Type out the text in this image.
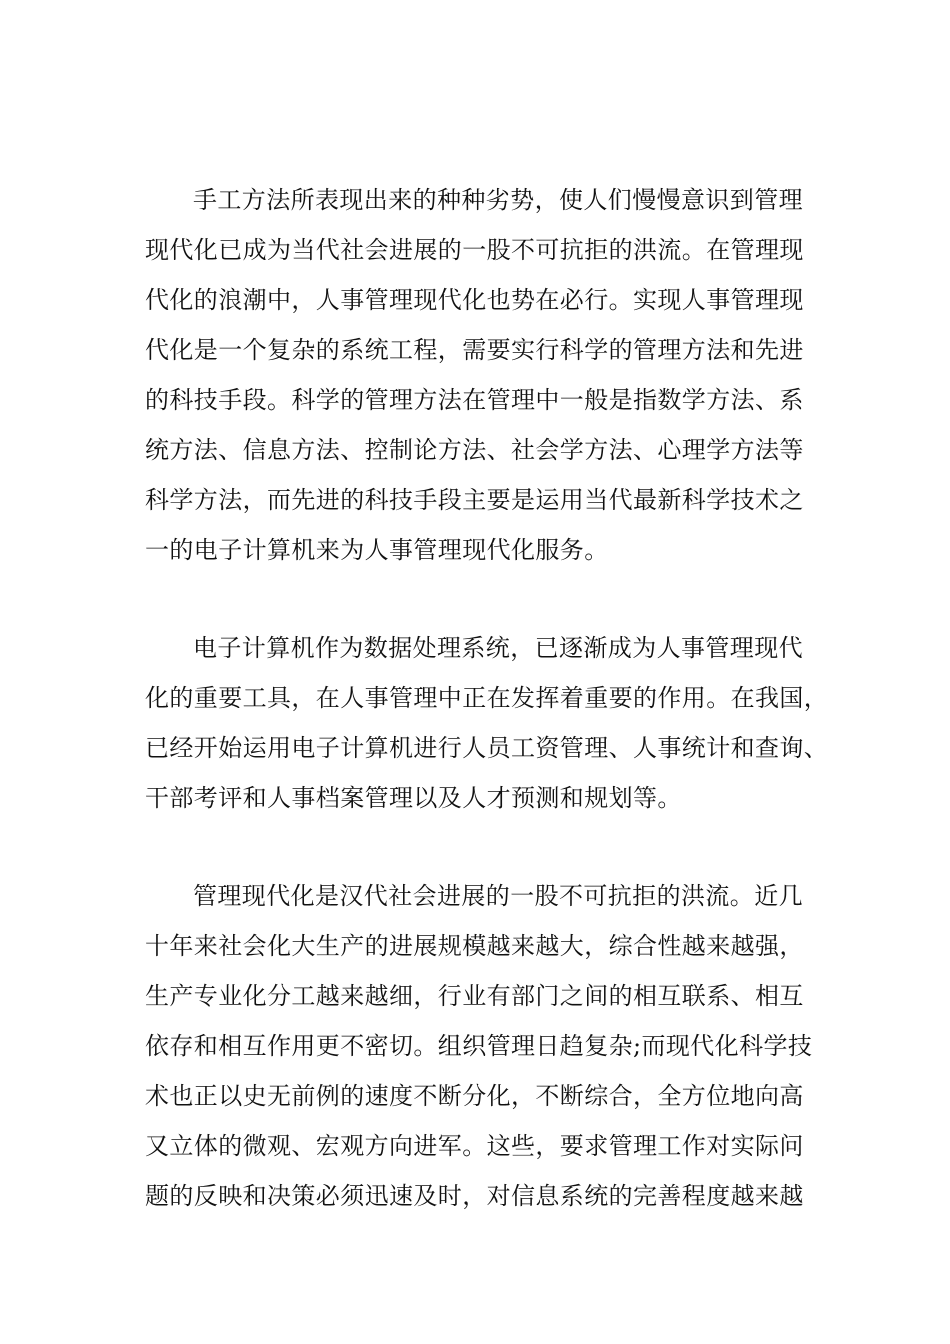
手工方法所表现出来的种种劣势，使人们慢慢意识到管理
现代化已成为当代社会进展的一股不可抗拒的洪流。在管理现
代化的浪潮中，人事管理现代化也势在必行。实现人事管理现
代化是一个复杂的系统工程，需要实行科学的管理方法和先进
的科技手段。科学的管理方法在管理中一般是指数学方法、系
统方法、信息方法、控制论方法、社会学方法、心理学方法等
科学方法，而先进的科技手段主要是运用当代最新科学技术之
一的电子计算机来为人事管理现代化服务。
电子计算机作为数据处理系统，已逐渐成为人事管理现代
化的重要工具，在人事管理中正在发挥着重要的作用。在我国，
已经开始运用电子计算机进行人员工资管理、人事统计和查询、
干部考评和人事档案管理以及人才预测和规划等。
管理现代化是汉代社会进展的一股不可抗拒的洪流。近几
十年来社会化大生产的进展规模越来越大，综合性越来越强，
生产专业化分工越来越细，行业有部门之间的相互联系、相互
依存和相互作用更不密切。组织管理日趋复杂;而现代化科学技
术也正以史无前例的速度不断分化，不断综合，全方位地向高
又立体的微观、宏观方向进军。这些，要求管理工作对实际问
题的反映和决策必须迅速及时，对信息系统的完善程度越来越
